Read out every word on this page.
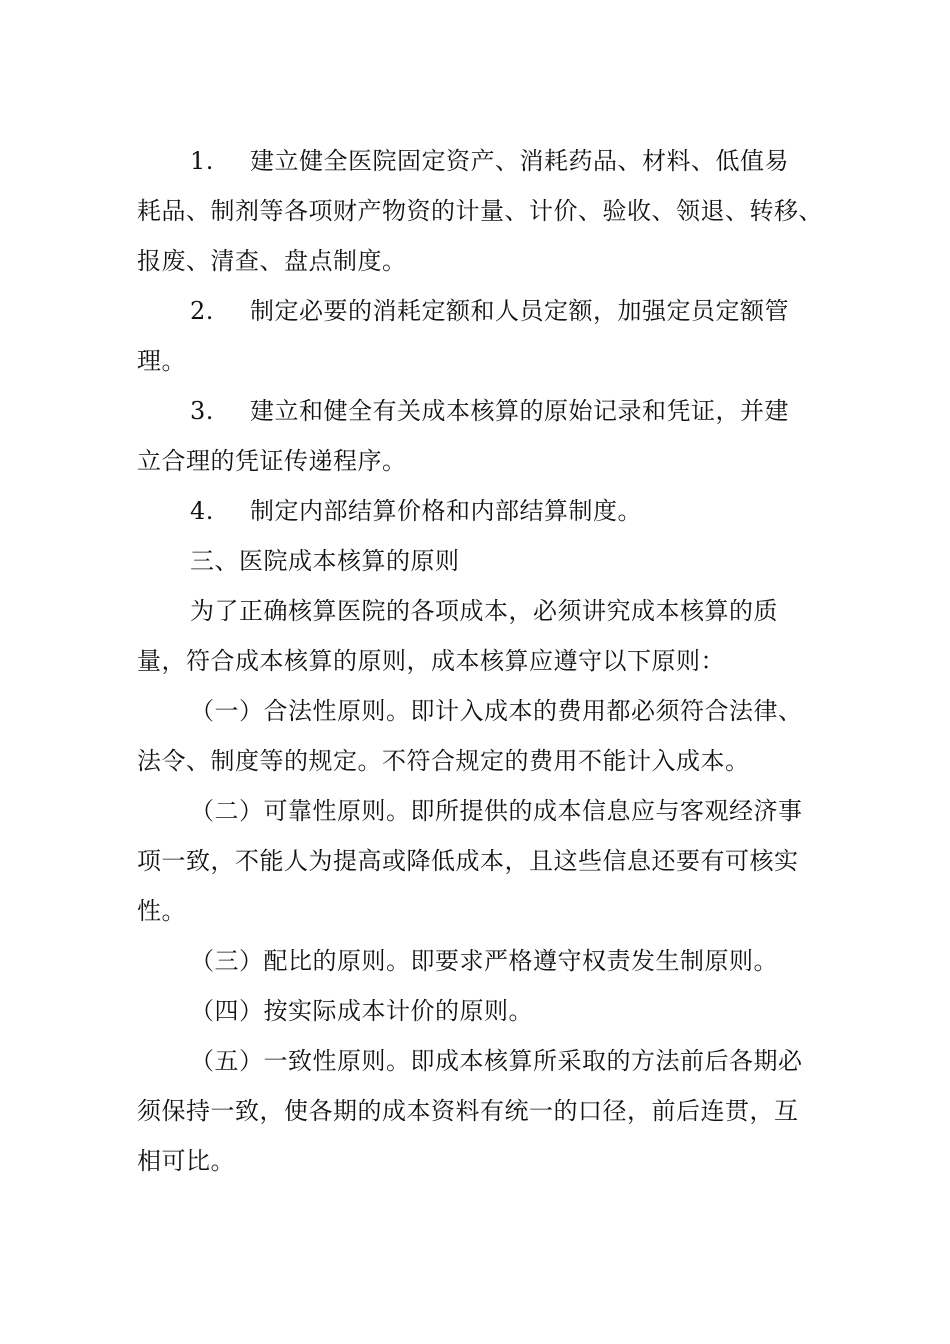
1. 建立健全医院固定资产、消耗药品、材料、低值易
耗品、制剂等各项财产物资的计量、计价、验收、领退、转移、
报废、清查、盘点制度。
2. 制定必要的消耗定额和人员定额，加强定员定额管
理。
3. 建立和健全有关成本核算的原始记录和凭证，并建
立合理的凭证传递程序。
4. 制定内部结算价格和内部结算制度。
三、医院成本核算的原则
为了正确核算医院的各项成本，必须讲究成本核算的质
量，符合成本核算的原则，成本核算应遵守以下原则：
（一）合法性原则。即计入成本的费用都必须符合法律、
法令、制度等的规定。不符合规定的费用不能计入成本。
（二）可靠性原则。即所提供的成本信息应与客观经济事
项一致，不能人为提高或降低成本，且这些信息还要有可核实
性。
（三）配比的原则。即要求严格遵守权责发生制原则。
（四）按实际成本计价的原则。
（五）一致性原则。即成本核算所采取的方法前后各期必
须保持一致，使各期的成本资料有统一的口径，前后连贯，互
相可比。
